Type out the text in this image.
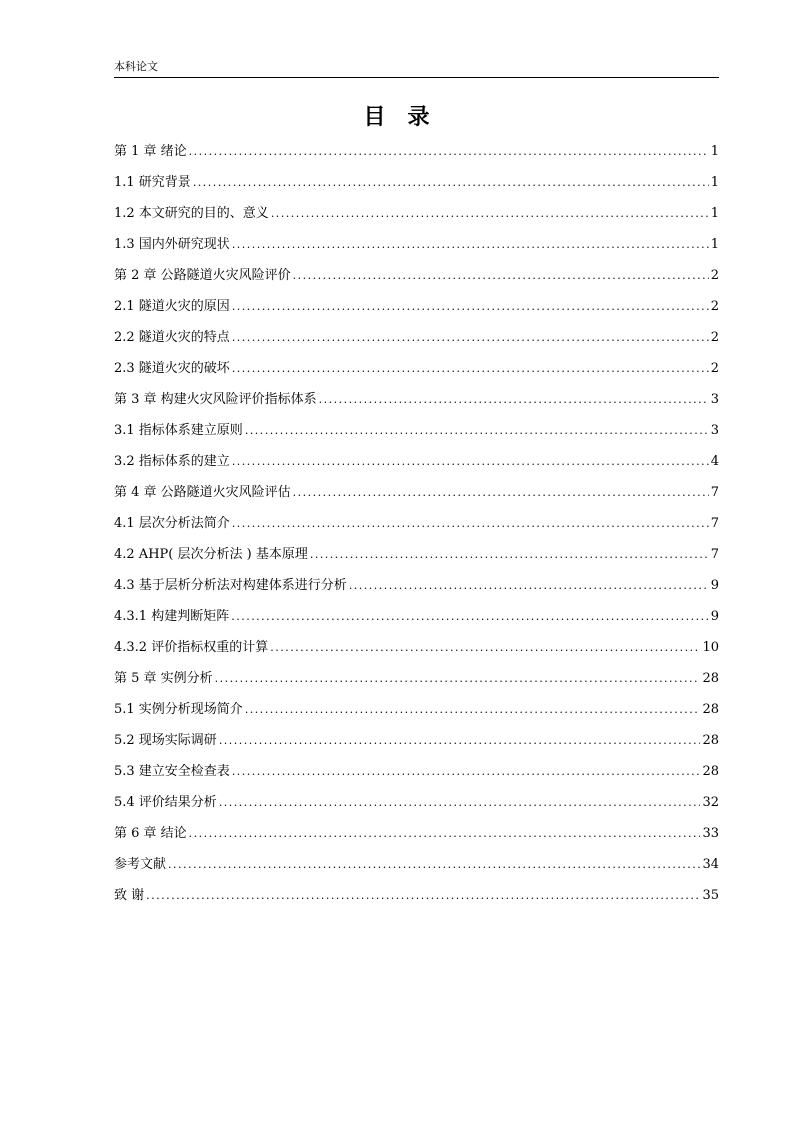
本科论文
目录
第 1 章 绪论 . . .	1
1.1 研究背景 . . .	1
1.2 本文研究的目的、意义 . . .	1
1.3 国内外研究现状 . . .	1
第 2 章 公路隧道火灾风险评价 . . .	2
2.1 隧道火灾的原因 . . .	2
2.2 隧道火灾的特点 . . .	2
2.3 隧道火灾的破坏 . . .	2
第 3 章 构建火灾风险评价指标体系 . . .	3
3.1 指标体系建立原则 . . .	3
3.2 指标体系的建立 . . .	4
第 4 章 公路隧道火灾风险评估 . . .	7
4.1 层次分析法简介 . . .	7
4.2 AHP( 层次分析法 ) 基本原理 . . .	7
4.3 基于层析分析法对构建体系进行分析 . . .	9
4.3.1 构建判断矩阵 . . .	9
4.3.2 评价指标权重的计算 . . .	10
第 5 章 实例分析 . . .	28
5.1 实例分析现场简介 . . .	28
5.2 现场实际调研 . . .	28
5.3 建立安全检查表 . . .	28
5.4 评价结果分析 . . .	32
第 6 章 结论 . . .	33
参考文献 . . .	34
致 谢 . . .	35
